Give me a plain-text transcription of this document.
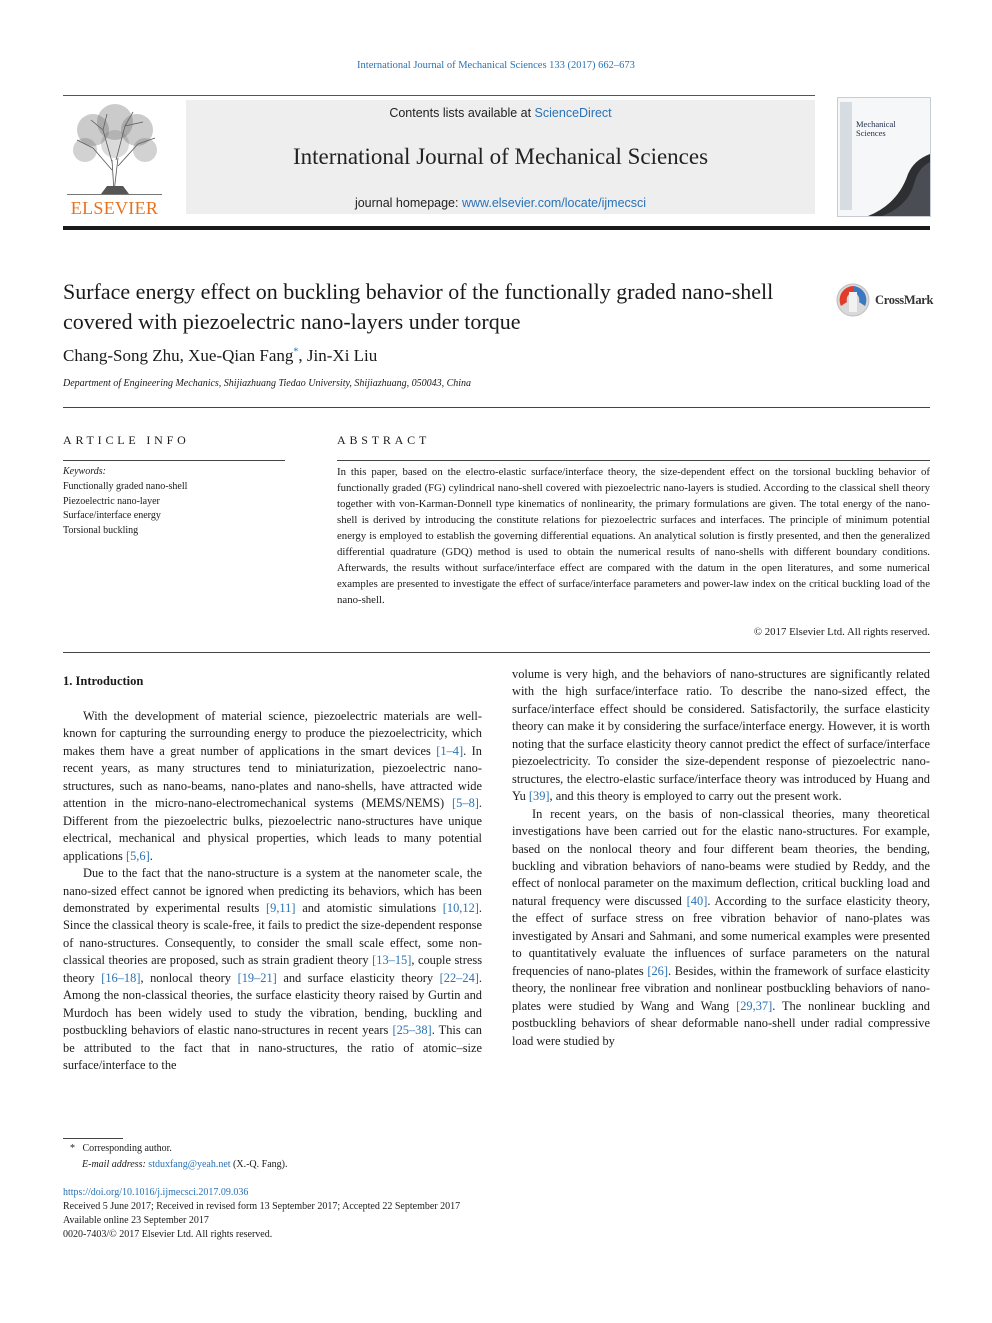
International Journal of Mechanical Sciences 133 (2017) 662–673
ELSEVIER
Contents lists available at ScienceDirect
International Journal of Mechanical Sciences
journal homepage: www.elsevier.com/locate/ijmecsci
Mechanical
Sciences
Surface energy effect on buckling behavior of the functionally graded nano-shell covered with piezoelectric nano-layers under torque
CrossMark
Chang-Song Zhu, Xue-Qian Fang*, Jin-Xi Liu
Department of Engineering Mechanics, Shijiazhuang Tiedao University, Shijiazhuang, 050043, China
ARTICLE INFO
Keywords:
Functionally graded nano-shell
Piezoelectric nano-layer
Surface/interface energy
Torsional buckling
ABSTRACT
In this paper, based on the electro-elastic surface/interface theory, the size-dependent effect on the torsional buckling behavior of functionally graded (FG) cylindrical nano-shell covered with piezoelectric nano-layers is studied. According to the classical shell theory together with von-Karman-Donnell type kinematics of nonlinearity, the primary formulations are given. The total energy of the nano-shell is derived by introducing the constitute relations for piezoelectric surfaces and interfaces. The principle of minimum potential energy is employed to establish the governing differential equations. An analytical solution is firstly presented, and then the generalized differential quadrature (GDQ) method is used to obtain the numerical results of nano-shells with different boundary conditions. Afterwards, the results without surface/interface effect are compared with the datum in the open literatures, and some numerical examples are presented to investigate the effect of surface/interface parameters and power-law index on the critical buckling load of the nano-shell.
© 2017 Elsevier Ltd. All rights reserved.
1. Introduction

With the development of material science, piezoelectric materials are well-known for capturing the surrounding energy to produce the piezoelectricity, which makes them have a great number of applications in the smart devices [1–4]. In recent years, as many structures tend to miniaturization, piezoelectric nano-structures, such as nano-beams, nano-plates and nano-shells, have attracted wide attention in the micro-nano-electromechanical systems (MEMS/NEMS) [5–8]. Different from the piezoelectric bulks, piezoelectric nano-structures have unique electrical, mechanical and physical properties, which leads to many potential applications [5,6].

Due to the fact that the nano-structure is a system at the nanometer scale, the nano-sized effect cannot be ignored when predicting its behaviors, which has been demonstrated by experimental results [9,11] and atomistic simulations [10,12]. Since the classical theory is scale-free, it fails to predict the size-dependent response of nano-structures. Consequently, to consider the small scale effect, some non-classical theories are proposed, such as strain gradient theory [13–15], couple stress theory [16–18], nonlocal theory [19–21] and surface elasticity theory [22–24]. Among the non-classical theories, the surface elasticity theory raised by Gurtin and Murdoch has been widely used to study the vibration, bending, buckling and postbuckling behaviors of elastic nano-structures in recent years [25–38]. This can be attributed to the fact that in nano-structures, the ratio of atomic–size surface/interface to the

volume is very high, and the behaviors of nano-structures are significantly related with the high surface/interface ratio. To describe the nano-sized effect, the surface/interface effect should be considered. Satisfactorily, the surface elasticity theory can make it by considering the surface/interface energy. However, it is worth noting that the surface elasticity theory cannot predict the effect of surface/interface piezoelectricity. To consider the size-dependent response of piezoelectric nano-structures, the electro-elastic surface/interface theory was introduced by Huang and Yu [39], and this theory is employed to carry out the present work.

In recent years, on the basis of non-classical theories, many theoretical investigations have been carried out for the elastic nano-structures. For example, based on the nonlocal theory and four different beam theories, the bending, buckling and vibration behaviors of nano-beams were studied by Reddy, and the effect of nonlocal parameter on the maximum deflection, critical buckling load and natural frequency were discussed [40]. According to the surface elasticity theory, the effect of surface stress on free vibration behavior of nano-plates was investigated by Ansari and Sahmani, and some numerical examples were presented to quantitatively evaluate the influences of surface parameters on the natural frequencies of nano-plates [26]. Besides, within the framework of surface elasticity theory, the nonlinear free vibration and nonlinear postbuckling behaviors of nano-plates were studied by Wang and Wang [29,37]. The nonlinear buckling and postbuckling behaviors of shear deformable nano-shell under radial compressive load were studied by

* Corresponding author.
E-mail address: stduxfang@yeah.net (X.-Q. Fang).
https://doi.org/10.1016/j.ijmecsci.2017.09.036
Received 5 June 2017; Received in revised form 13 September 2017; Accepted 22 September 2017
Available online 23 September 2017
0020-7403/© 2017 Elsevier Ltd. All rights reserved.
